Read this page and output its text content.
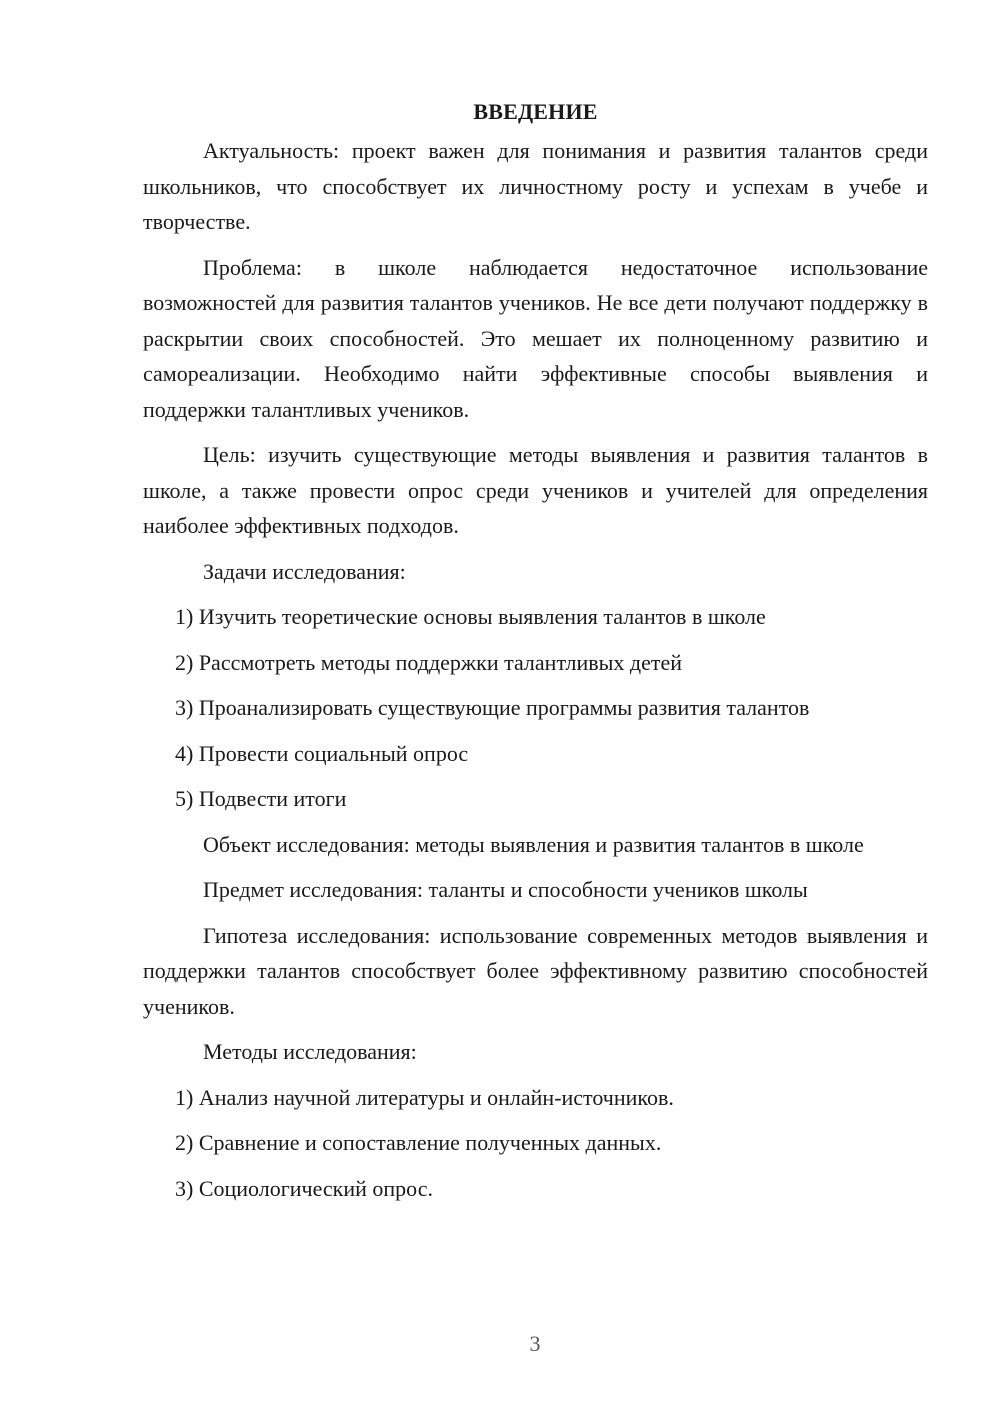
ВВЕДЕНИЕ

Актуальность: проект важен для понимания и развития талантов среди школьников, что способствует их личностному росту и успехам в учебе и творчестве.

Проблема: в школе наблюдается недостаточное использование возможностей для развития талантов учеников. Не все дети получают поддержку в раскрытии своих способностей. Это мешает их полноценному развитию и самореализации. Необходимо найти эффективные способы выявления и поддержки талантливых учеников.

Цель: изучить существующие методы выявления и развития талантов в школе, а также провести опрос среди учеников и учителей для определения наиболее эффективных подходов.

Задачи исследования:

1) Изучить теоретические основы выявления талантов в школе

2) Рассмотреть методы поддержки талантливых детей

3) Проанализировать существующие программы развития талантов

4) Провести социальный опрос

5) Подвести итоги

Объект исследования: методы выявления и развития талантов в школе

Предмет исследования: таланты и способности учеников школы

Гипотеза исследования: использование современных методов выявления и поддержки талантов способствует более эффективному развитию способностей учеников.

Методы исследования:

1) Анализ научной литературы и онлайн-источников.

2) Сравнение и сопоставление полученных данных.

3) Социологический опрос.

3
